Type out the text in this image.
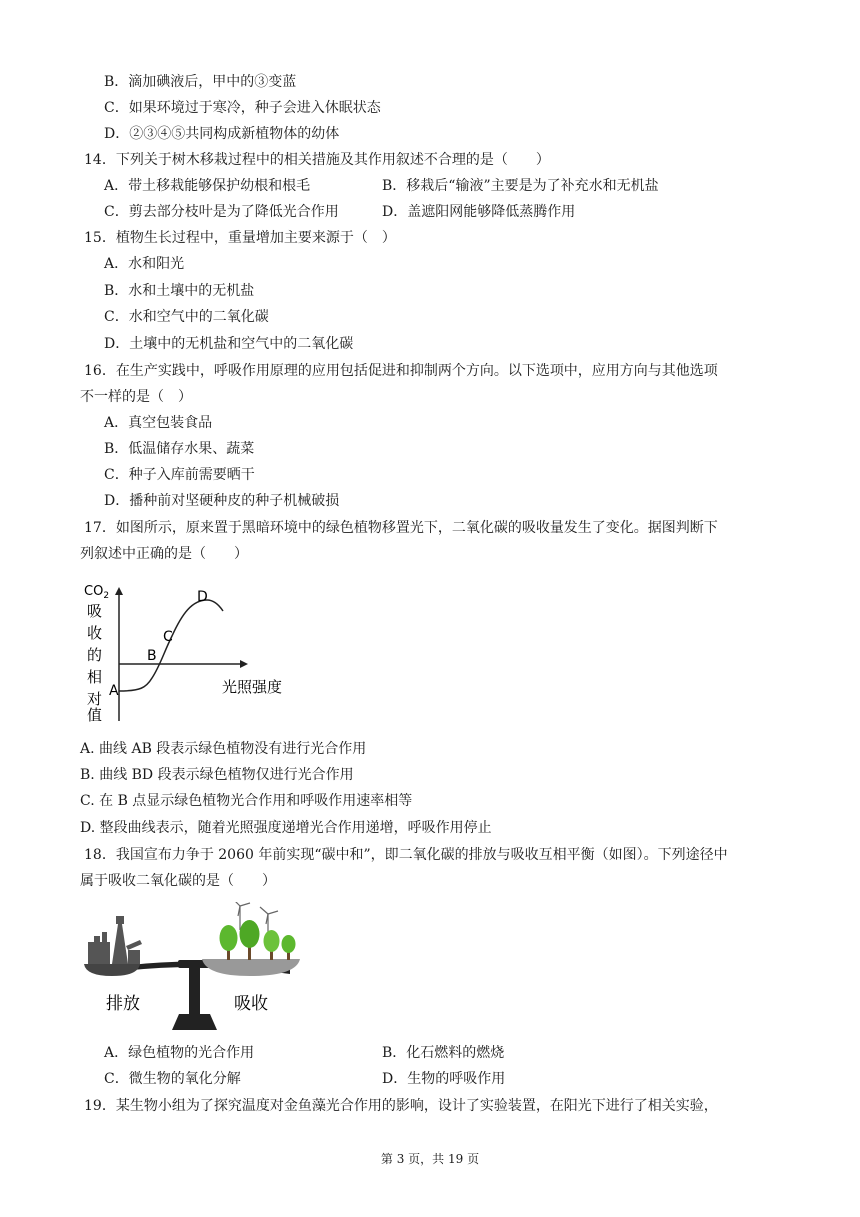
B．滴加碘液后，甲中的③变蓝
C．如果环境过于寒冷，种子会进入休眠状态
D．②③④⑤共同构成新植物体的幼体
14．下列关于树木移栽过程中的相关措施及其作用叙述不合理的是（　　）
A．带土移栽能够保护幼根和根毛	B．移栽后“输液”主要是为了补充水和无机盐
C．剪去部分枝叶是为了降低光合作用	D．盖遮阳网能够降低蒸腾作用
15．植物生长过程中，重量增加主要来源于（　）
A．水和阳光
B．水和土壤中的无机盐
C．水和空气中的二氧化碳
D．土壤中的无机盐和空气中的二氧化碳
16．在生产实践中，呼吸作用原理的应用包括促进和抑制两个方向。以下选项中，应用方向与其他选项
不一样的是（　）
A．真空包装食品
B．低温储存水果、蔬菜
C．种子入库前需要晒干
D．播种前对坚硬种皮的种子机械破损
17．如图所示，原来置于黑暗环境中的绿色植物移置光下，二氧化碳的吸收量发生了变化。据图判断下
列叙述中正确的是（　　）
$CO_2$
吸
收
的
相
对
值
光照强度
A
B
C
D
A. 曲线 AB 段表示绿色植物没有进行光合作用
B. 曲线 BD 段表示绿色植物仅进行光合作用
C. 在 B 点显示绿色植物光合作用和呼吸作用速率相等
D. 整段曲线表示，随着光照强度递增光合作用递增，呼吸作用停止
18．我国宣布力争于 2060 年前实现“碳中和”，即二氧化碳的排放与吸收互相平衡（如图）。下列途径中
属于吸收二氧化碳的是（　　）
排放	吸收
A．绿色植物的光合作用	B．化石燃料的燃烧
C．微生物的氧化分解	D．生物的呼吸作用
19．某生物小组为了探究温度对金鱼藻光合作用的影响，设计了实验装置，在阳光下进行了相关实验，
第 3 页，共 19 页
